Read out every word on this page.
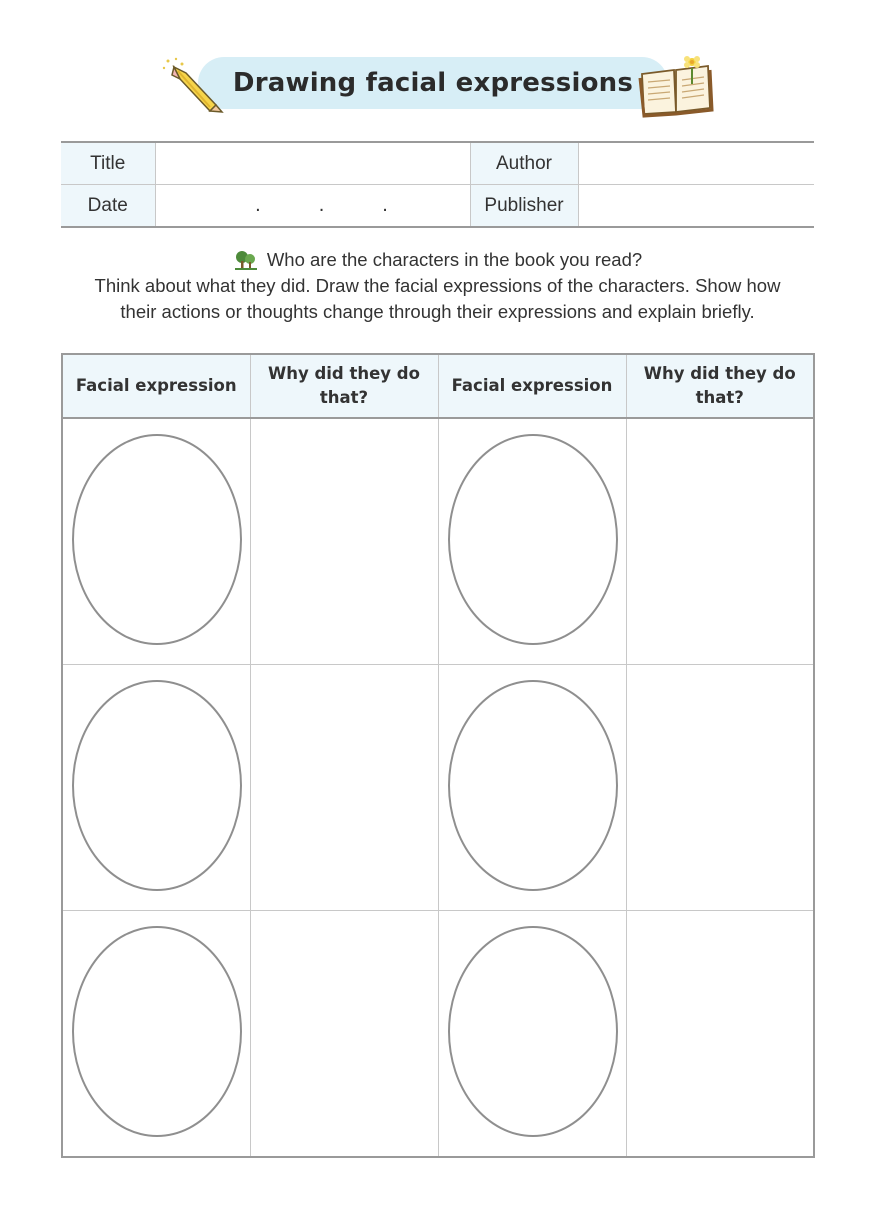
Drawing facial expressions
Title		Author	
Date	. . .	Publisher	
Who are the characters in the book you read?
Think about what they did. Draw the facial expressions of the characters. Show how
their actions or thoughts change through their expressions and explain briefly.
Facial expression	Why did they do that?	Facial expression	Why did they do that?
